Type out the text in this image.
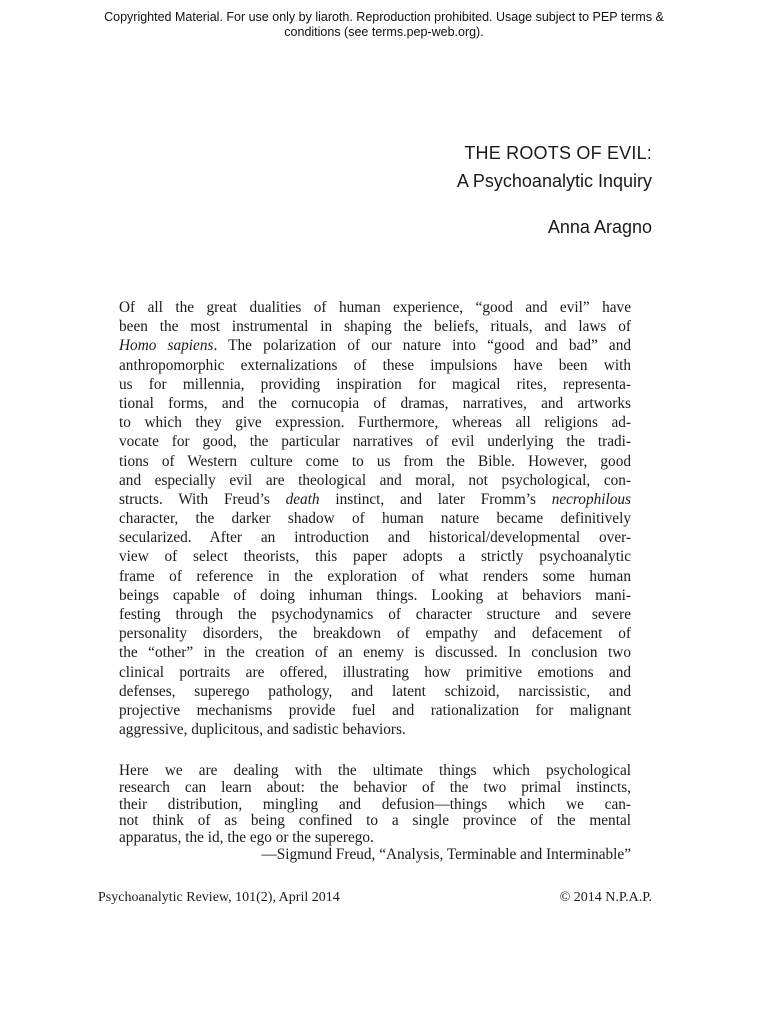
Copyrighted Material. For use only by liaroth. Reproduction prohibited. Usage subject to PEP terms &
conditions (see terms.pep-web.org).
THE ROOTS OF EVIL:
A Psychoanalytic Inquiry
Anna Aragno
Of all the great dualities of human experience, “good and evil” have
been the most instrumental in shaping the beliefs, rituals, and laws of
Homo sapiens. The polarization of our nature into “good and bad” and
anthropomorphic externalizations of these impulsions have been with
us for millennia, providing inspiration for magical rites, representa-
tional forms, and the cornucopia of dramas, narratives, and artworks
to which they give expression. Furthermore, whereas all religions ad-
vocate for good, the particular narratives of evil underlying the tradi-
tions of Western culture come to us from the Bible. However, good
and especially evil are theological and moral, not psychological, con-
structs. With Freud’s death instinct, and later Fromm’s necrophilous
character, the darker shadow of human nature became definitively
secularized. After an introduction and historical/developmental over-
view of select theorists, this paper adopts a strictly psychoanalytic
frame of reference in the exploration of what renders some human
beings capable of doing inhuman things. Looking at behaviors mani-
festing through the psychodynamics of character structure and severe
personality disorders, the breakdown of empathy and defacement of
the “other” in the creation of an enemy is discussed. In conclusion two
clinical portraits are offered, illustrating how primitive emotions and
defenses, superego pathology, and latent schizoid, narcissistic, and
projective mechanisms provide fuel and rationalization for malignant
aggressive, duplicitous, and sadistic behaviors.
Here we are dealing with the ultimate things which psychological
research can learn about: the behavior of the two primal instincts,
their distribution, mingling and defusion—things which we can-
not think of as being confined to a single province of the mental
apparatus, the id, the ego or the superego.
—Sigmund Freud, “Analysis, Terminable and Interminable”
Psychoanalytic Review, 101(2), April 2014	© 2014 N.P.A.P.
